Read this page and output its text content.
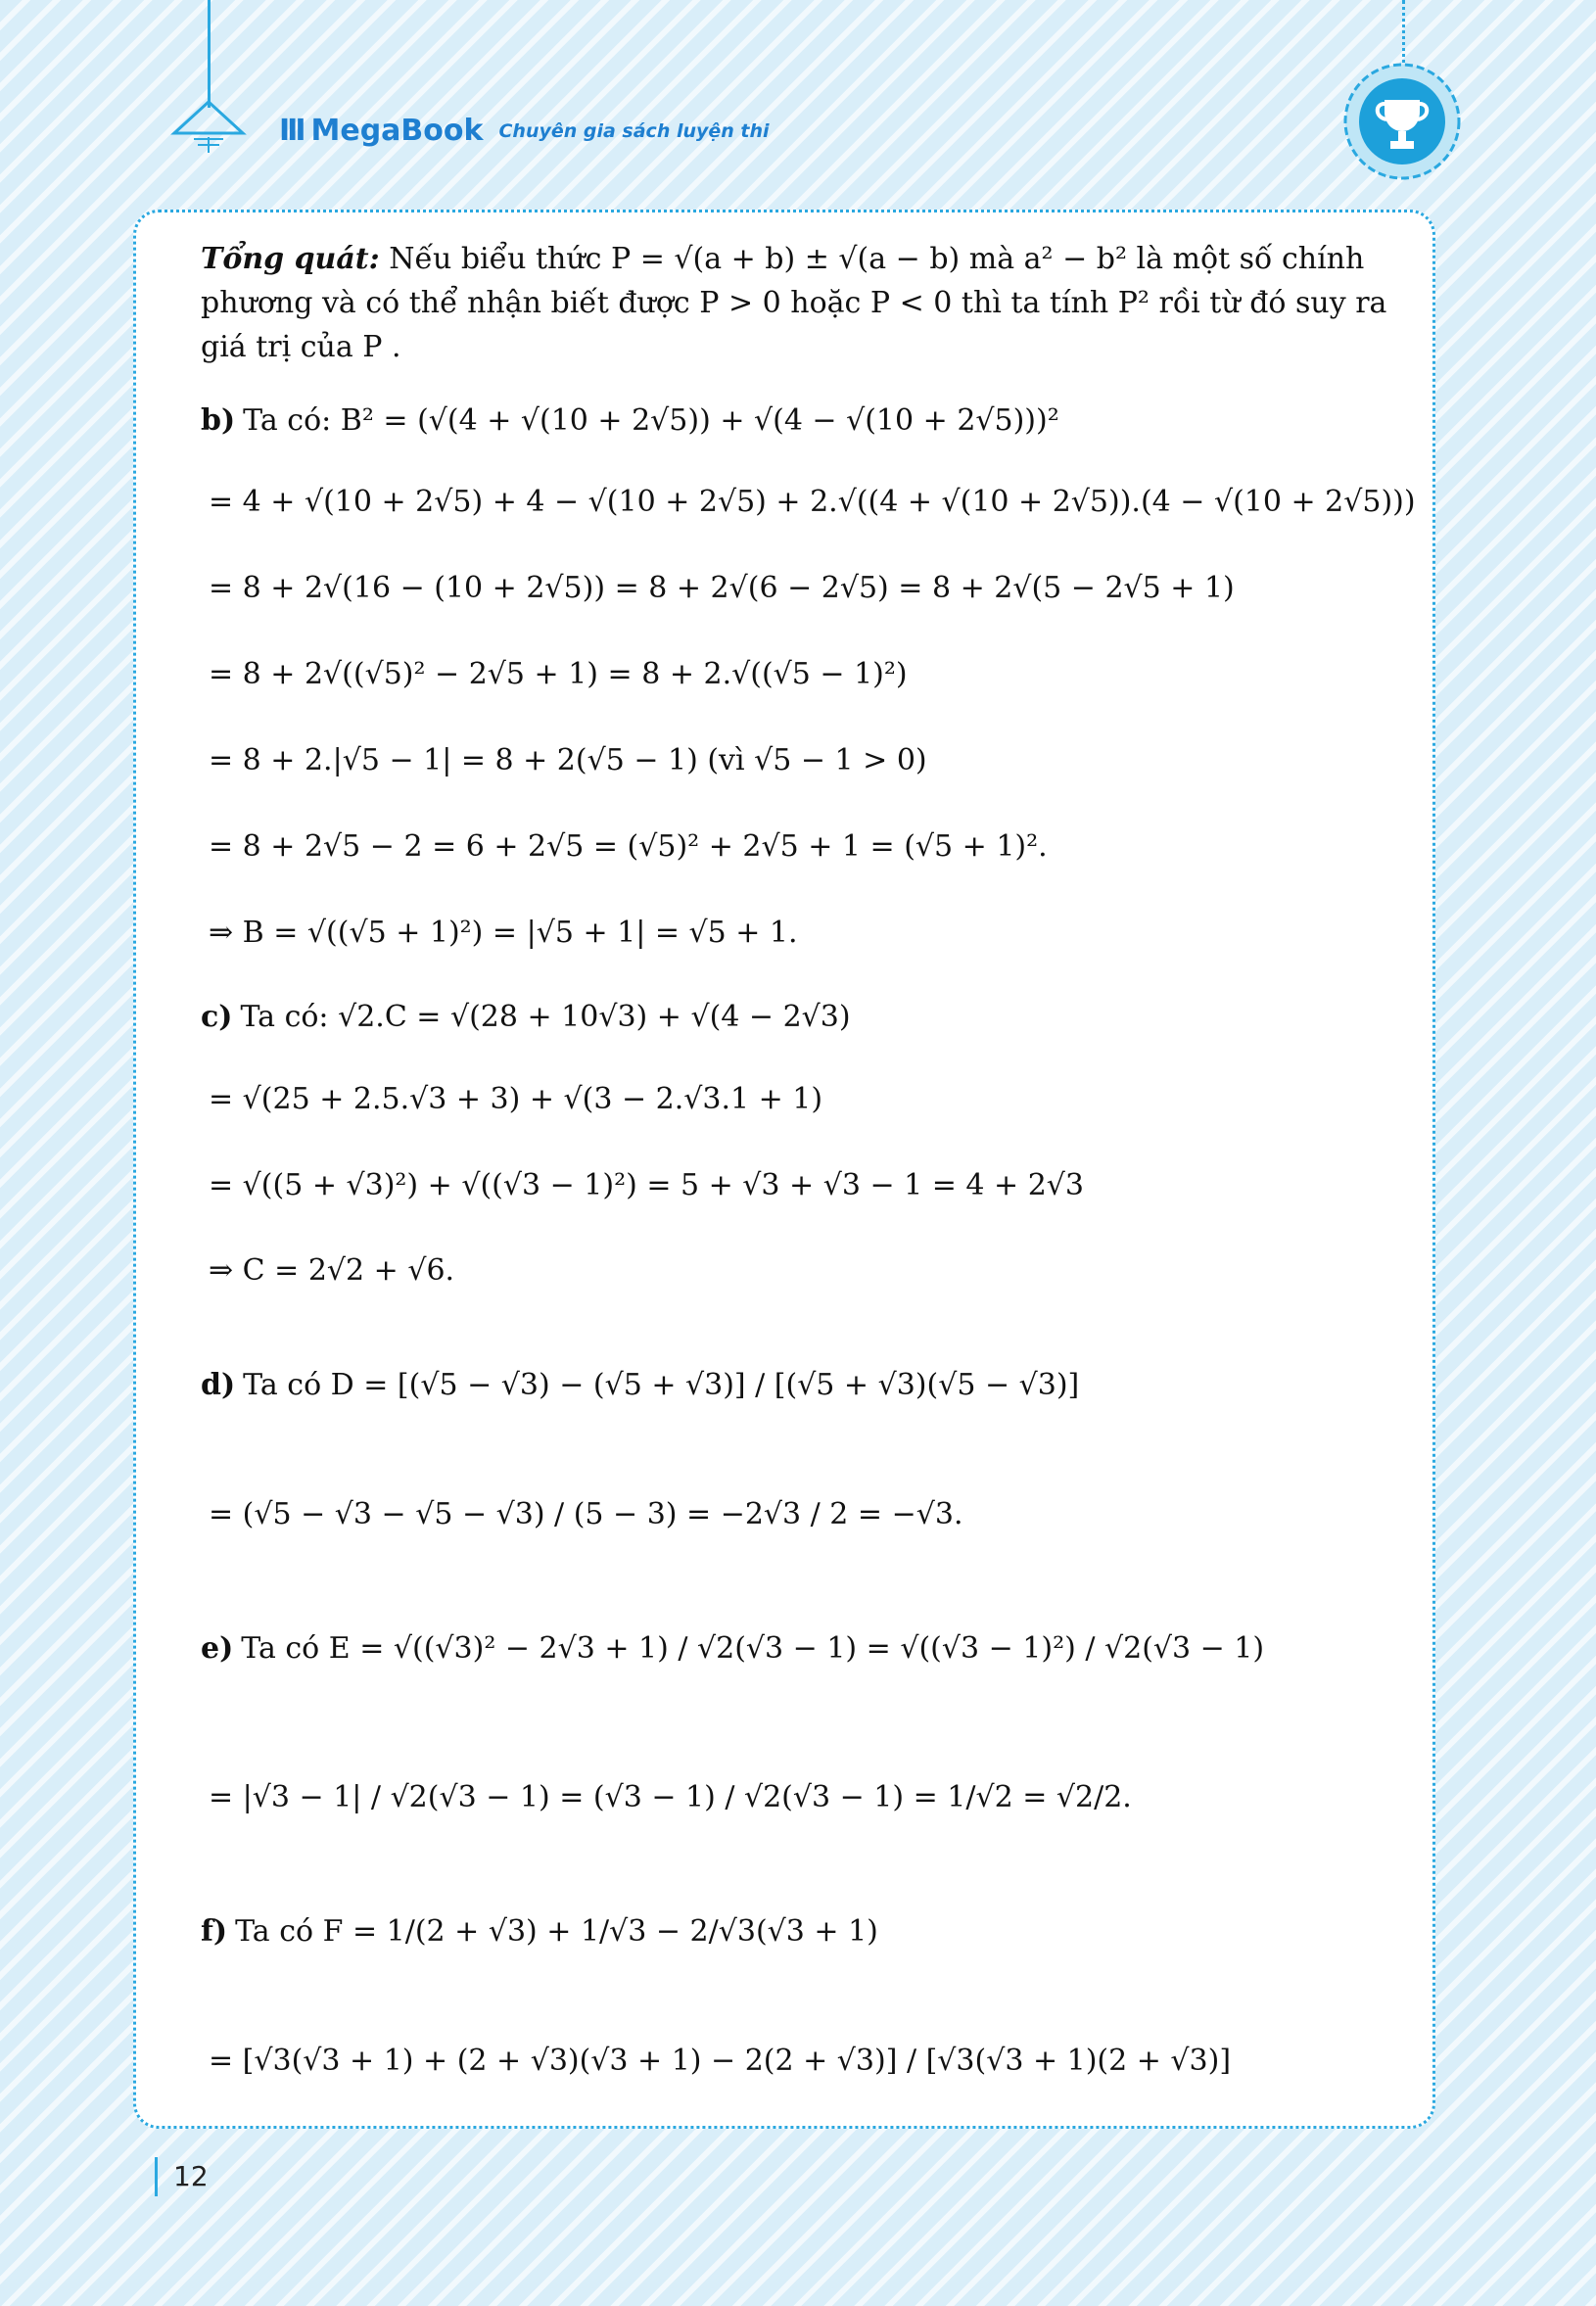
III MegaBook Chuyên gia sách luyện thi

Tổng quát: Nếu biểu thức P = √(a + b) ± √(a − b) mà a² − b² là một số chính phương và có thể nhận biết được P > 0 hoặc P < 0 thì ta tính P² rồi từ đó suy ra giá trị của P .

b) Ta có: B² = (√(4 + √(10 + 2√5)) + √(4 − √(10 + 2√5)))²
= 4 + √(10 + 2√5) + 4 − √(10 + 2√5) + 2.√((4 + √(10 + 2√5)).(4 − √(10 + 2√5)))
= 8 + 2√(16 − (10 + 2√5)) = 8 + 2√(6 − 2√5) = 8 + 2√(5 − 2√5 + 1)
= 8 + 2√((√5)² − 2√5 + 1) = 8 + 2.√((√5 − 1)²)
= 8 + 2.|√5 − 1| = 8 + 2(√5 − 1) (vì √5 − 1 > 0)
= 8 + 2√5 − 2 = 6 + 2√5 = (√5)² + 2√5 + 1 = (√5 + 1)².
⇒ B = √((√5 + 1)²) = |√5 + 1| = √5 + 1.
c) Ta có: √2.C = √(28 + 10√3) + √(4 − 2√3)
= √(25 + 2.5.√3 + 3) + √(3 − 2.√3.1 + 1)
= √((5 + √3)²) + √((√3 − 1)²) = 5 + √3 + √3 − 1 = 4 + 2√3
⇒ C = 2√2 + √6.
d) Ta có D = [(√5 − √3) − (√5 + √3)] / [(√5 + √3)(√5 − √3)]
= (√5 − √3 − √5 − √3) / (5 − 3) = −2√3 / 2 = −√3.
e) Ta có E = √((√3)² − 2√3 + 1) / √2(√3 − 1) = √((√3 − 1)²) / √2(√3 − 1)
= |√3 − 1| / √2(√3 − 1) = (√3 − 1) / √2(√3 − 1) = 1/√2 = √2/2.
f) Ta có F = 1/(2 + √3) + 1/√3 − 2/√3(√3 + 1)
= [√3(√3 + 1) + (2 + √3)(√3 + 1) − 2(2 + √3)] / [√3(√3 + 1)(2 + √3)]
12
